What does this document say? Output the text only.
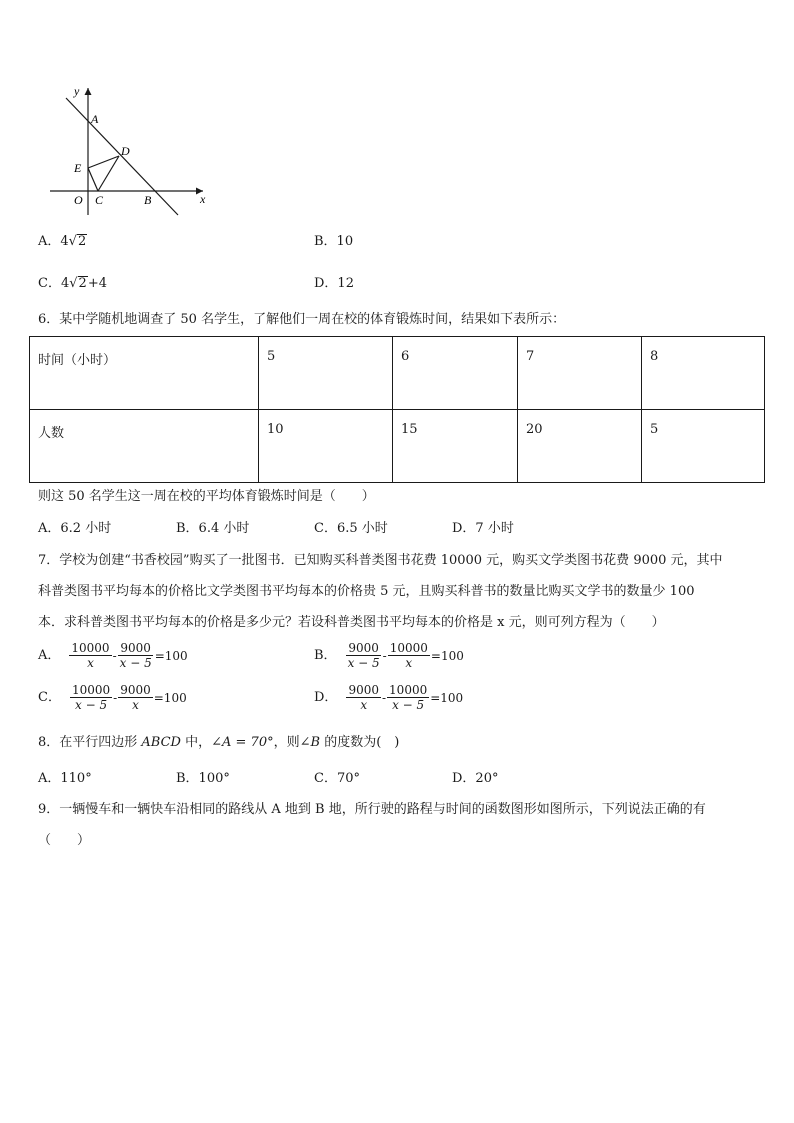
y
A
D
E
O C	B	x
A．4√2	B．10
C．4√2+4	D．12
6．某中学随机地调查了 50 名学生，了解他们一周在校的体育锻炼时间，结果如下表所示：
时间（小时）	5	6	7	8
人数	10	15	20	5
则这 50 名学生这一周在校的平均体育锻炼时间是（　　）
A．6.2 小时	B．6.4 小时	C．6.5 小时	D．7 小时
7．学校为创建“书香校园”购买了一批图书．已知购买科普类图书花费 10000 元，购买文学类图书花费 9000 元，其中
科普类图书平均每本的价格比文学类图书平均每本的价格贵 5 元，且购买科普书的数量比购买文学书的数量少 100
本．求科普类图书平均每本的价格是多少元？若设科普类图书平均每本的价格是 x 元，则可列方程为（　　）
A． $\frac{10000}{x} - \frac{9000}{x - 5} =100$	B． $\frac{9000}{x - 5} - \frac{10000}{x} =100$
C． $\frac{10000}{x - 5} - \frac{9000}{x} =100$	D． $\frac{9000}{x} - \frac{10000}{x - 5} =100$
8．在平行四边形 ABCD 中，∠A = 70°，则∠B 的度数为(　)
A．110°	B．100°	C．70°	D．20°
9．一辆慢车和一辆快车沿相同的路线从 A 地到 B 地，所行驶的路程与时间的函数图形如图所示，下列说法正确的有
（　　）
